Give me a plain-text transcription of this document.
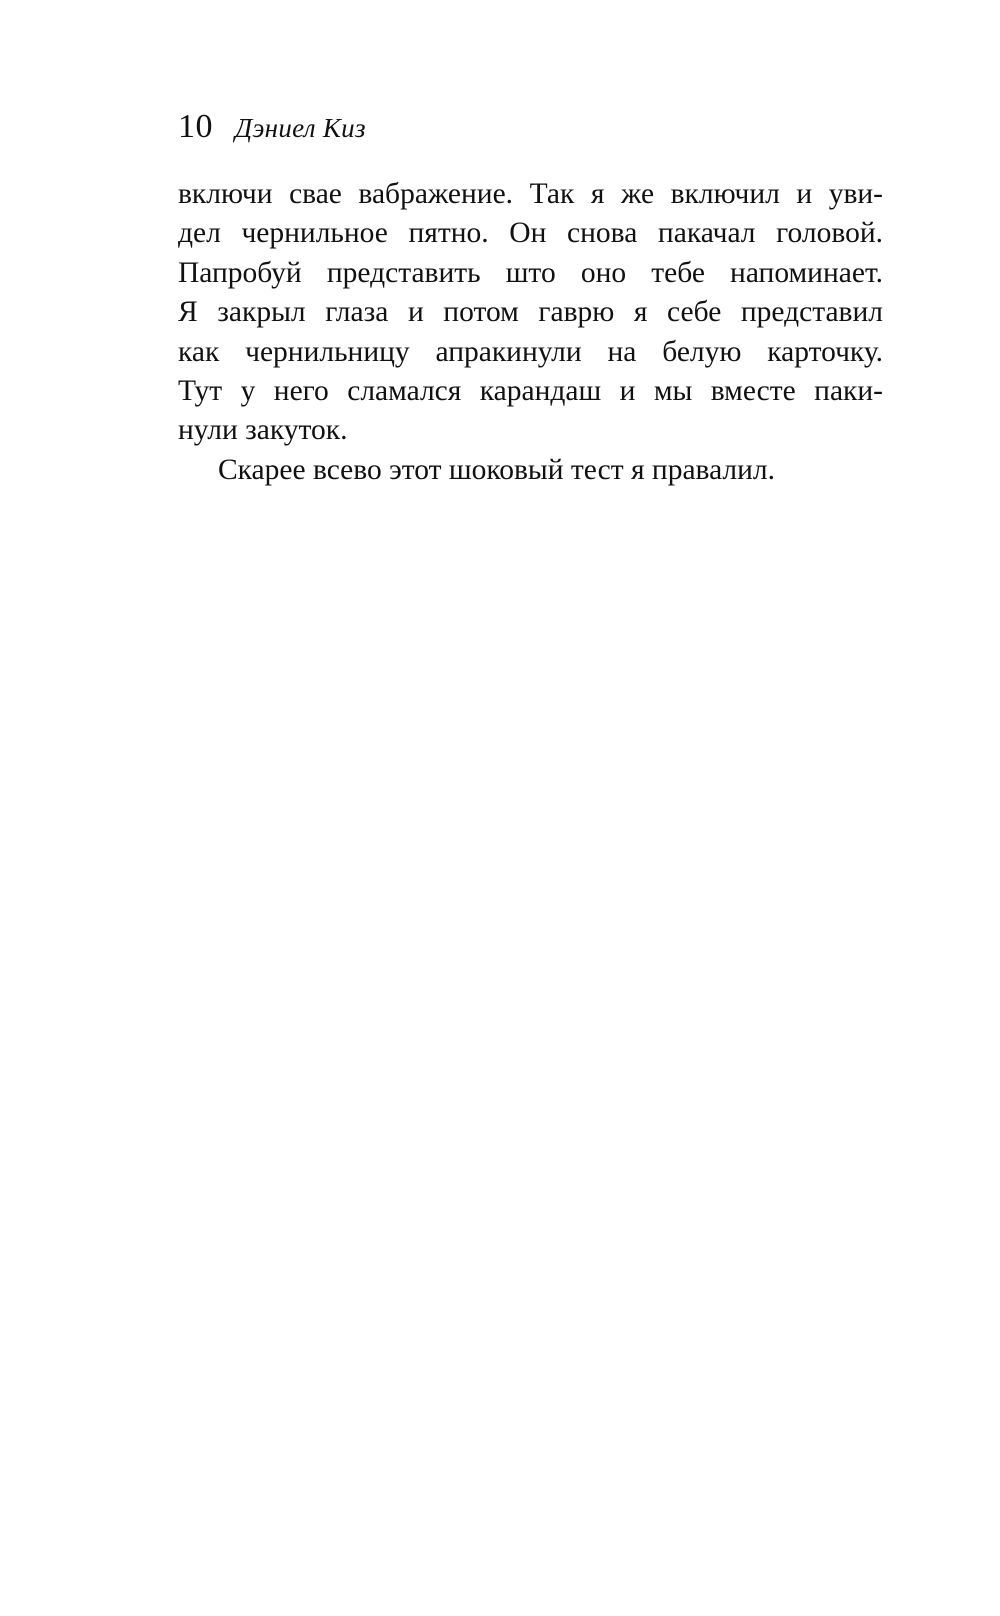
10 Дэниел Киз

включи свае вабражение. Так я же включил и уви-
дел чернильное пятно. Он снова пакачал головой.
Папробуй представить што оно тебе напоминает.
Я закрыл глаза и потом гаврю я себе представил
как чернильницу апракинули на белую карточку.
Тут у него сламался карандаш и мы вместе паки-
нули закуток.

Скарее всево этот шоковый тест я правалил.
